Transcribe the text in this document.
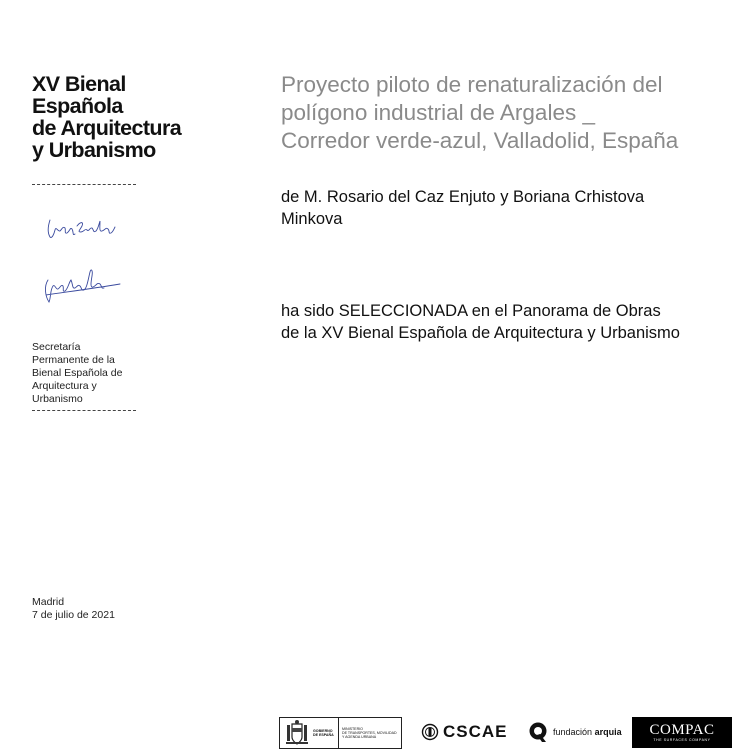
XV Bienal
Española
de Arquitectura
y Urbanismo
Secretaría
Permanente de la
Bienal Española de
Arquitectura y
Urbanismo
Madrid
7 de julio de 2021
Proyecto piloto de renaturalización del
polígono industrial de Argales _
Corredor verde-azul, Valladolid, España
de M. Rosario del Caz Enjuto y Boriana Crhistova
Minkova
ha sido SELECCIONADA en el Panorama de Obras
de la XV Bienal Española de Arquitectura y Urbanismo
GOBIERNO
DE ESPAÑA
MINISTERIO
DE TRANSPORTES, MOVILIDAD
Y AGENDA URBANA	CSCAE	fundación arquia COMPAC
THE SURFACES COMPANY
